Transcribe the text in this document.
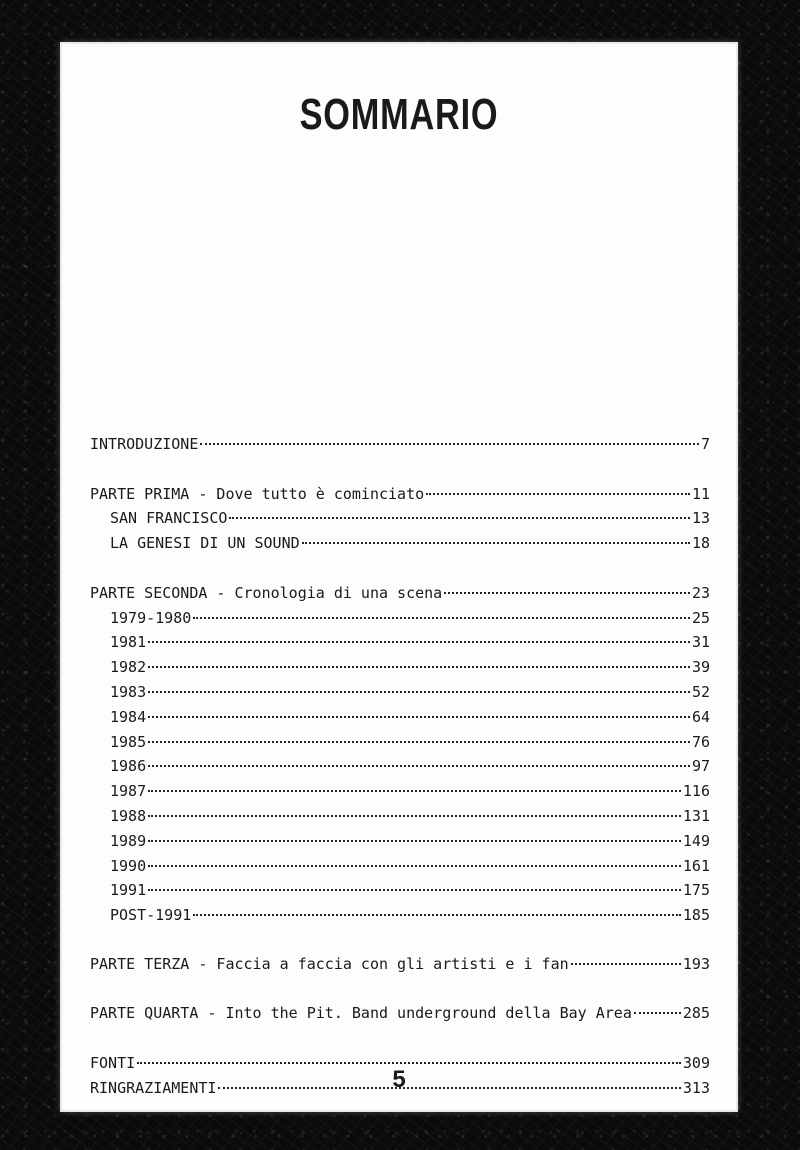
SOMMARIO
INTRODUZIONE	7
PARTE PRIMA - Dove tutto è cominciato	11
SAN FRANCISCO	13
LA GENESI DI UN SOUND	18
PARTE SECONDA - Cronologia di una scena	23
1979-1980	25
1981	31
1982	39
1983	52
1984	64
1985	76
1986	97
1987	116
1988	131
1989	149
1990	161
1991	175
POST-1991	185
PARTE TERZA - Faccia a faccia con gli artisti e i fan	193
PARTE QUARTA - Into the Pit. Band underground della Bay Area	285
FONTI	309
RINGRAZIAMENTI	313
5
